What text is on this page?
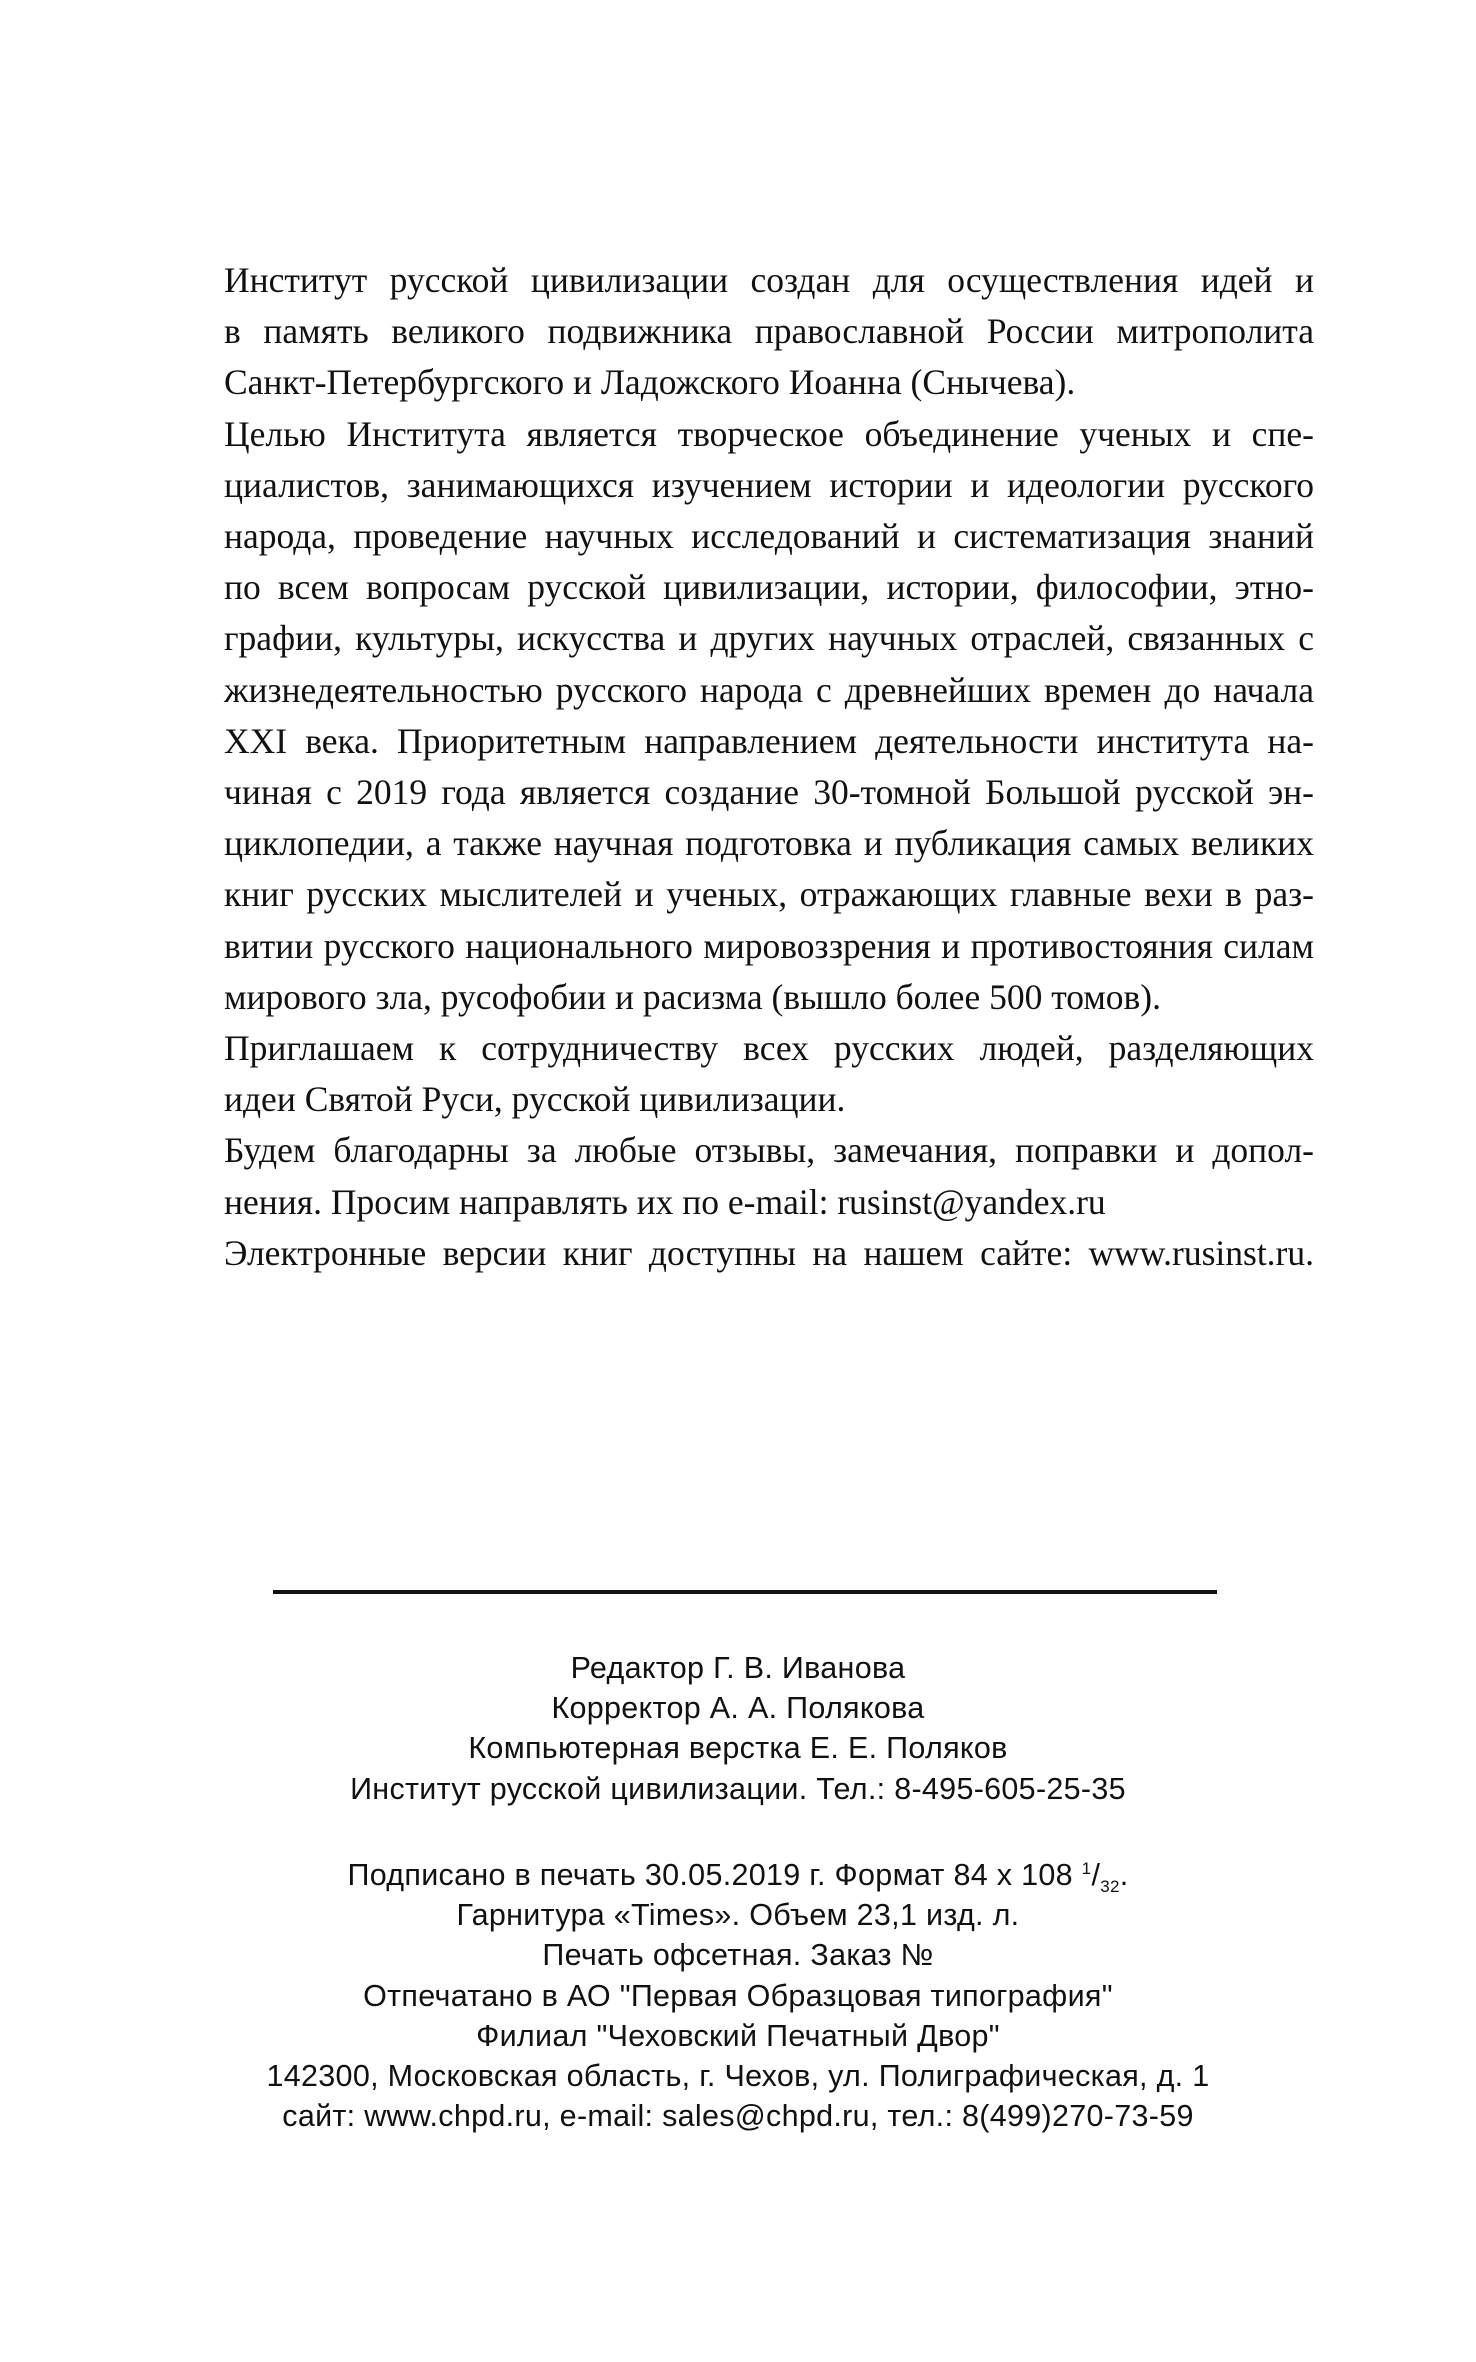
Институт русской цивилизации создан для осуществления идей и
в память великого подвижника православной России митрополита
Санкт-Петербургского и Ладожского Иоанна (Снычева).

Целью Института является творческое объединение ученых и спе-
циалистов, занимающихся изучением истории и идеологии русского
народа, проведение научных исследований и систематизация знаний
по всем вопросам русской цивилизации, истории, философии, этно-
графии, культуры, искусства и других научных отраслей, связанных с
жизнедеятельностью русского народа с древнейших времен до начала
XXI века. Приоритетным направлением деятельности института на-
чиная с 2019 года является создание 30-томной Большой русской эн-
циклопедии, а также научная подготовка и публикация самых великих
книг русских мыслителей и ученых, отражающих главные вехи в раз-
витии русского национального мировоззрения и противостояния силам
мирового зла, русофобии и расизма (вышло более 500 томов).

Приглашаем к сотрудничеству всех русских людей, разделяющих
идеи Святой Руси, русской цивилизации.

Будем благодарны за любые отзывы, замечания, поправки и допол-
нения. Просим направлять их по e-mail: rusinst@yandex.ru

Электронные версии книг доступны на нашем сайте: www.rusinst.ru.

Редактор Г. В. Иванова
Корректор А. А. Полякова
Компьютерная верстка Е. Е. Поляков
Институт русской цивилизации. Тел.: 8-495-605-25-35
Подписано в печать 30.05.2019 г. Формат 84 х 108 $^1/_{32}$.
Гарнитура «Times». Объем 23,1 изд. л.
Печать офсетная. Заказ №
Отпечатано в АО "Первая Образцовая типография"
Филиал "Чеховский Печатный Двор"
142300, Московская область, г. Чехов, ул. Полиграфическая, д. 1
сайт: www.chpd.ru, e-mail: sales@chpd.ru, тел.: 8(499)270-73-59
